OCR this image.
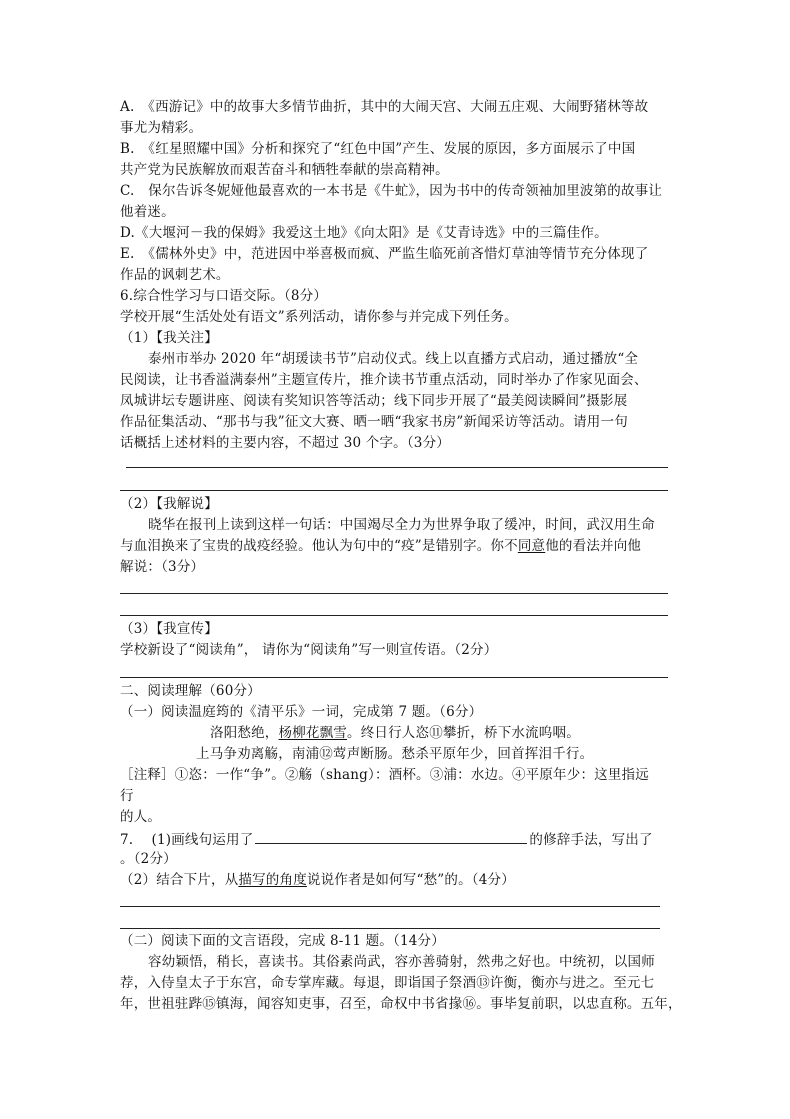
A.　《西游记》中的故事大多情节曲折，其中的大闹天宫、大闹五庄观、大闹野猪林等故
事尤为精彩。
B.　《红星照耀中国》分析和探究了“红色中国”产生、发展的原因，多方面展示了中国
共产党为民族解放而艰苦奋斗和牺牲奉献的崇高精神。
C.　保尔告诉冬妮娅他最喜欢的一本书是《牛虻》，因为书中的传奇领袖加里波第的故事让
他着迷。
D.《大堰河－我的保姆》我爱这土地》《向太阳》是《艾青诗选》中的三篇佳作。
E.　《儒林外史》中，范进因中举喜极而疯、严监生临死前吝惜灯草油等情节充分体现了
作品的讽刺艺术。
6.综合性学习与口语交际。（8分）
学校开展“生活处处有语文”系列活动，请你参与并完成下列任务。
（1）【我关注】
泰州市举办 2020 年“胡瑗读书节”启动仪式。线上以直播方式启动，通过播放“全
民阅读，让书香溢满泰州”主题宣传片，推介读书节重点活动，同时举办了作家见面会、
凤城讲坛专题讲座、阅读有奖知识答等活动；线下同步开展了“最美阅读瞬间”摄影展
作品征集活动、“那书与我”征文大赛、晒一晒“我家书房”新闻采访等活动。请用一句
话概括上述材料的主要内容，不超过 30 个字。（3分）
（2）【我解说】
晓华在报刊上读到这样一句话：中国竭尽全力为世界争取了缓冲，时间，武汉用生命
与血泪换来了宝贵的战疫经验。他认为句中的“疫”是错别字。你不同意他的看法并向他
解说：（3分）
（3）【我宣传】
学校新设了“阅读角”， 请你为“阅读角”写一则宣传语。（2分）
二、阅读理解（60分）
（一）阅读温庭筠的《清平乐》一词，完成第 7 题。（6分）
洛阳愁绝，杨柳花飘雪。终日行人恣⑪攀折，桥下水流呜咽。
上马争劝离觞，南浦⑫莺声断肠。愁杀平原年少，回首挥泪千行。
［注释］①恣：一作“争”。②觞（shang）：酒杯。③浦：水边。④平原年少：这里指远
行
的人。
7.　 (1)画线句运用了	的修辞手法，写出了
。（2分）
（2）结合下片，从描写的角度说说作者是如何写“愁”的。（4分）
（二）阅读下面的文言语段，完成 8-11 题。（14分）
容幼颖悟，稍长，喜读书。其俗素尚武，容亦善骑射，然弗之好也。中统初，以国师
荐，入侍皇太子于东宫，命专掌库藏。每退，即诣国子祭酒⑬许衡，衡亦与进之。至元七
年，世祖驻跸⑮镇海，闻容知吏事，召至，命权中书省掾⑯。事毕复前职，以忠直称。五年，
